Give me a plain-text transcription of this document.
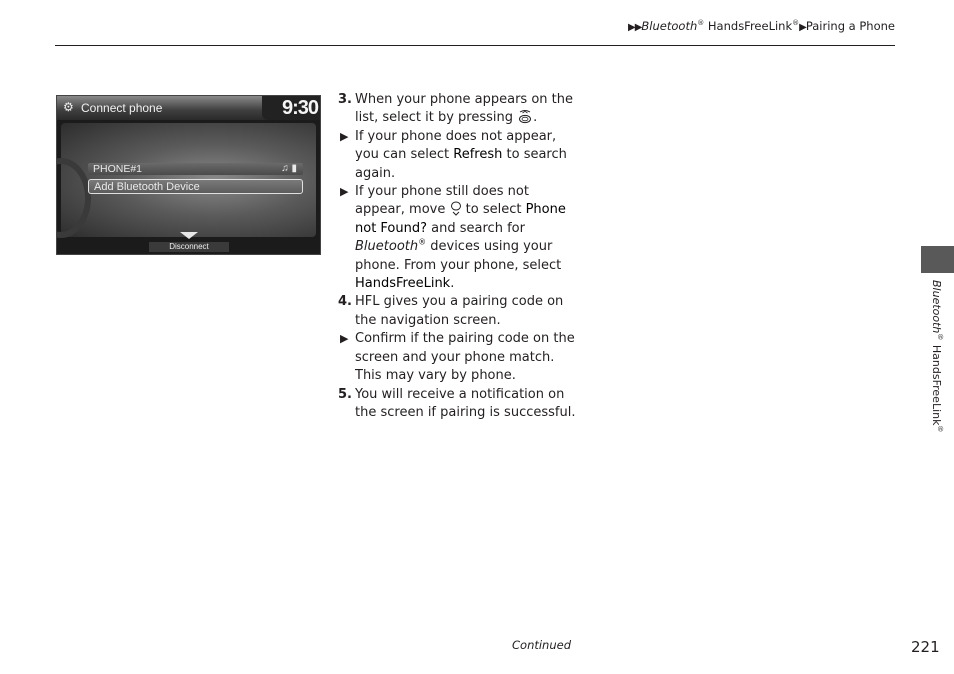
▶▶Bluetooth® HandsFreeLink®▶Pairing a Phone
⚙ Connect phone	9:30
PHONE#1	♫ ▮
Add Bluetooth Device
Disconnect
3. When your phone appears on the list, select it by pressing .
▶ If your phone does not appear, you can select Refresh to search again.
▶ If your phone still does not appear, move to select Phone not Found? and search for Bluetooth® devices using your phone. From your phone, select HandsFreeLink.
4. HFL gives you a pairing code on the navigation screen.
▶ Confirm if the pairing code on the screen and your phone match. This may vary by phone.
5. You will receive a notification on the screen if pairing is successful.
Bluetooth® HandsFreeLink®
Continued	221
